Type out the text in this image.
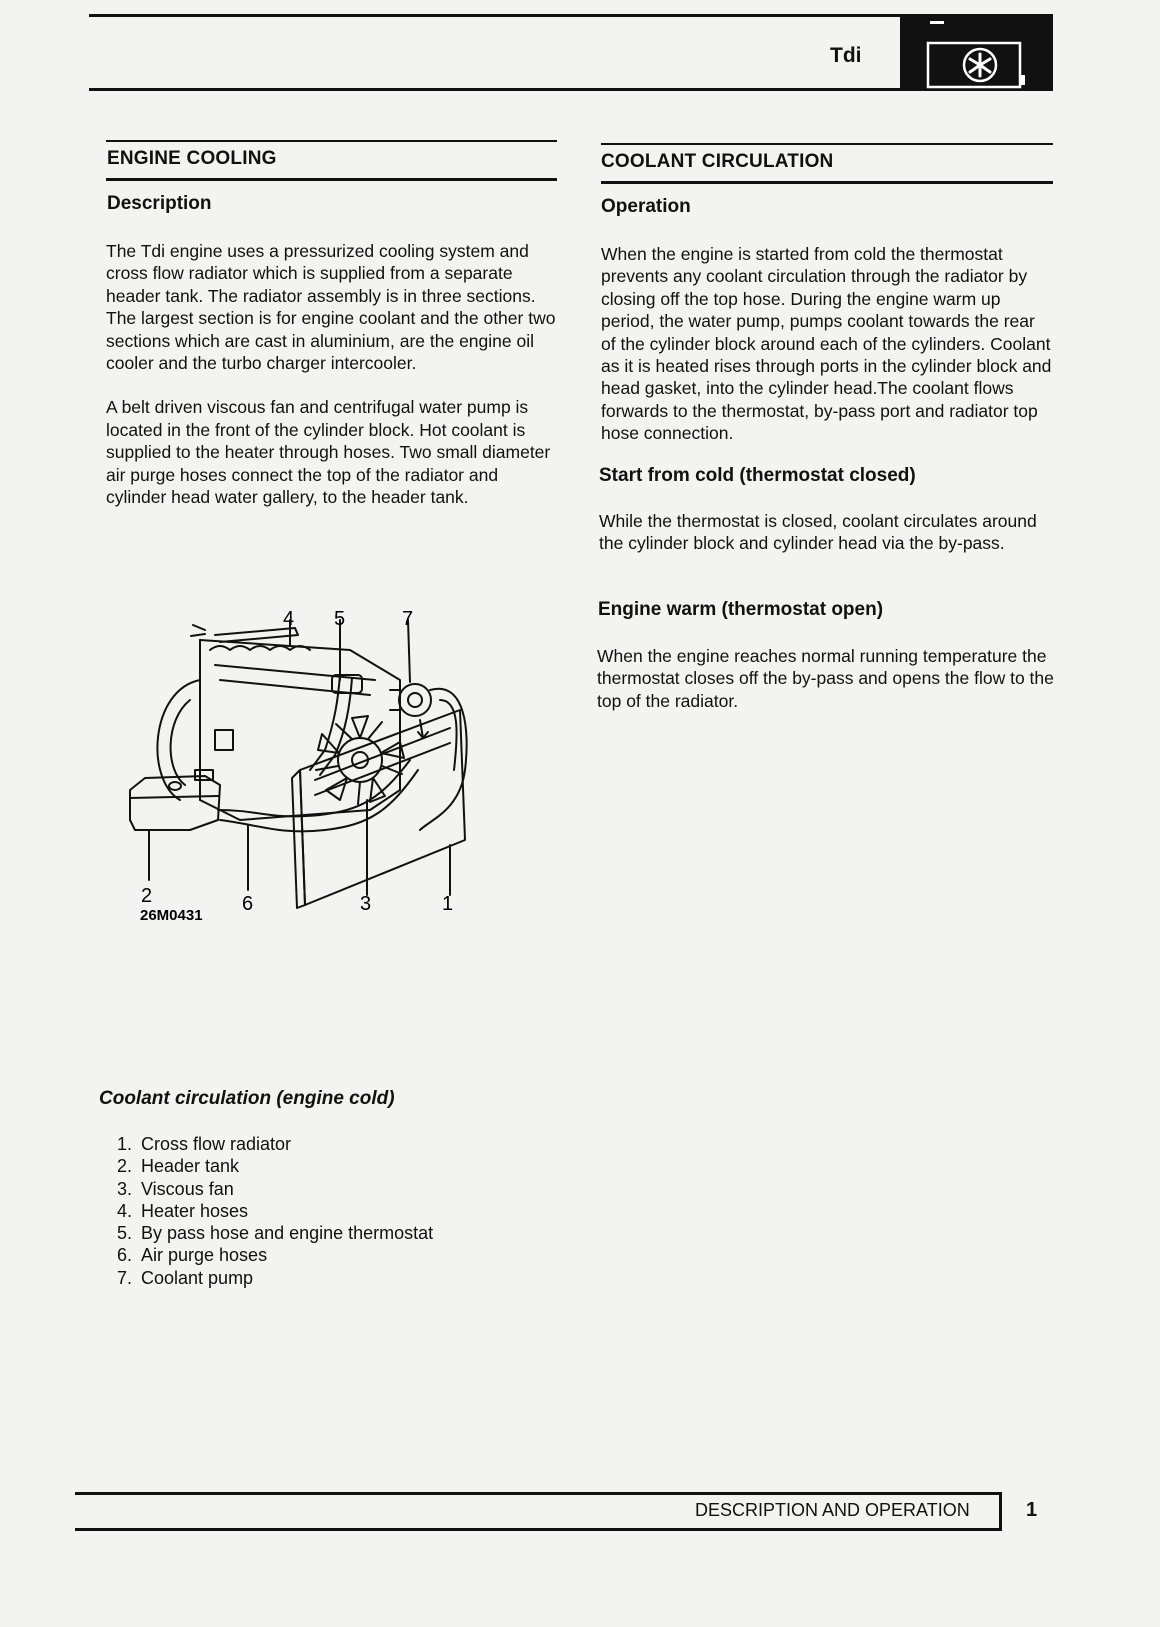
Tdi
ENGINE COOLING
Description

The Tdi engine uses a pressurized cooling system and cross flow radiator which is supplied from a separate header tank. The radiator assembly is in three sections. The largest section is for engine coolant and the other two sections which are cast in aluminium, are the engine oil cooler and the turbo charger intercooler.

A belt driven viscous fan and centrifugal water pump is located in the front of the cylinder block. Hot coolant is supplied to the heater through hoses. Two small diameter air purge hoses connect the top of the radiator and cylinder head water gallery, to the header tank.

4 5	7
2	6	3	1
26M0431
Coolant circulation (engine cold)
1. Cross flow radiator
2. Header tank
3. Viscous fan
4. Heater hoses
5. By pass hose and engine thermostat
6. Air purge hoses
7. Coolant pump
COOLANT CIRCULATION
Operation
When the engine is started from cold the thermostat prevents any coolant circulation through the radiator by closing off the top hose. During the engine warm up period, the water pump, pumps coolant towards the rear of the cylinder block around each of the cylinders. Coolant as it is heated rises through ports in the cylinder block and head gasket, into the cylinder head.The coolant flows forwards to the thermostat, by-pass port and radiator top hose connection.
Start from cold (thermostat closed)
While the thermostat is closed, coolant circulates around the cylinder block and cylinder head via the by-pass.
Engine warm (thermostat open)
When the engine reaches normal running temperature the thermostat closes off the by-pass and opens the flow to the top of the radiator.
DESCRIPTION AND OPERATION	1
